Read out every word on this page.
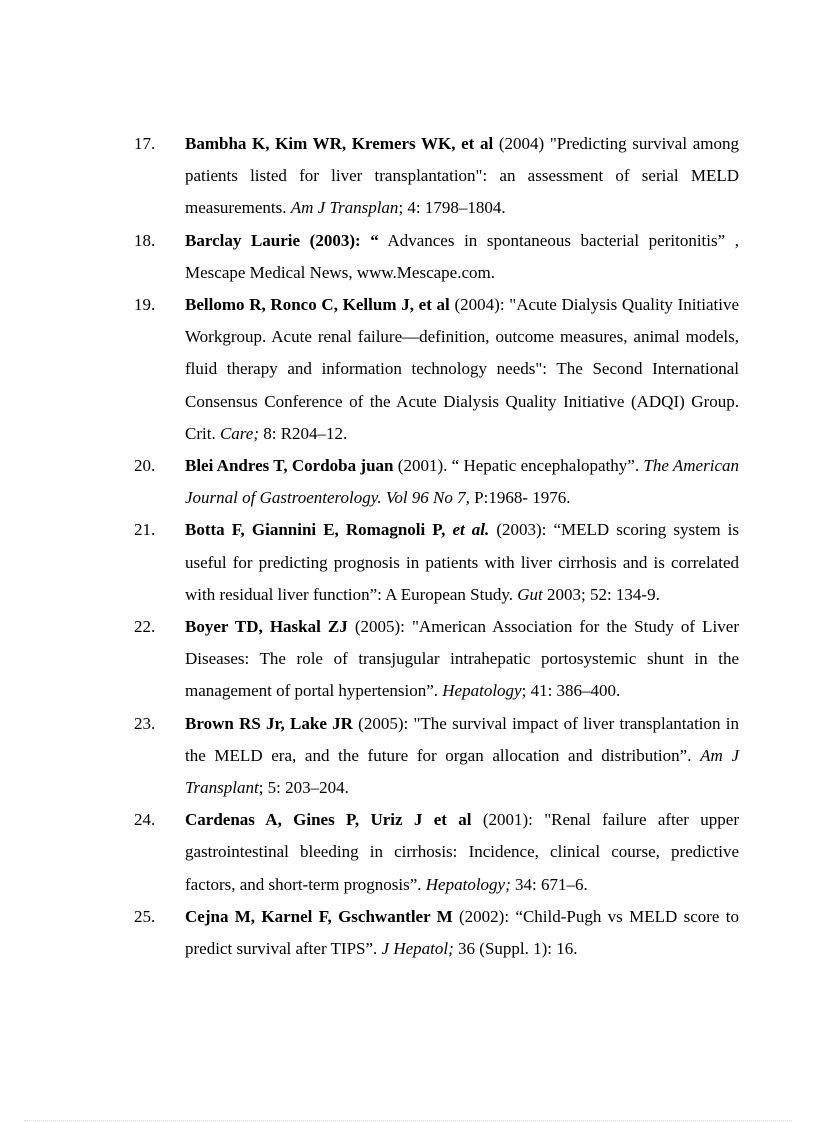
17.	Bambha K, Kim WR, Kremers WK, et al (2004) "Predicting survival among patients listed for liver transplantation": an assessment of serial MELD measurements. Am J Transplan; 4: 1798–1804.
18.	Barclay Laurie (2003): “ Advances in spontaneous bacterial peritonitis” , Mescape Medical News, www.Mescape.com.
19.	Bellomo R, Ronco C, Kellum J, et al (2004): "Acute Dialysis Quality Initiative Workgroup. Acute renal failure—definition, outcome measures, animal models, fluid therapy and information technology needs": The Second International Consensus Conference of the Acute Dialysis Quality Initiative (ADQI) Group. Crit. Care; 8: R204–12.
20.	Blei Andres T, Cordoba juan (2001). “ Hepatic encephalopathy”. The American Journal of Gastroenterology. Vol 96 No 7, P:1968- 1976.
21.	Botta F, Giannini E, Romagnoli P, et al. (2003): “MELD scoring system is useful for predicting prognosis in patients with liver cirrhosis and is correlated with residual liver function”: A European Study. Gut 2003; 52: 134-9.
22.	Boyer TD, Haskal ZJ (2005): "American Association for the Study of Liver Diseases: The role of transjugular intrahepatic portosystemic shunt in the management of portal hypertension”. Hepatology; 41: 386–400.
23.	Brown RS Jr, Lake JR (2005): "The survival impact of liver transplantation in the MELD era, and the future for organ allocation and distribution”. Am J Transplant; 5: 203–204.
24.	Cardenas A, Gines P, Uriz J et al (2001): "Renal failure after upper gastrointestinal bleeding in cirrhosis: Incidence, clinical course, predictive factors, and short-term prognosis”. Hepatology; 34: 671–6.
25.	Cejna M, Karnel F, Gschwantler M (2002): “Child-Pugh vs MELD score to predict survival after TIPS”. J Hepatol; 36 (Suppl. 1): 16.
